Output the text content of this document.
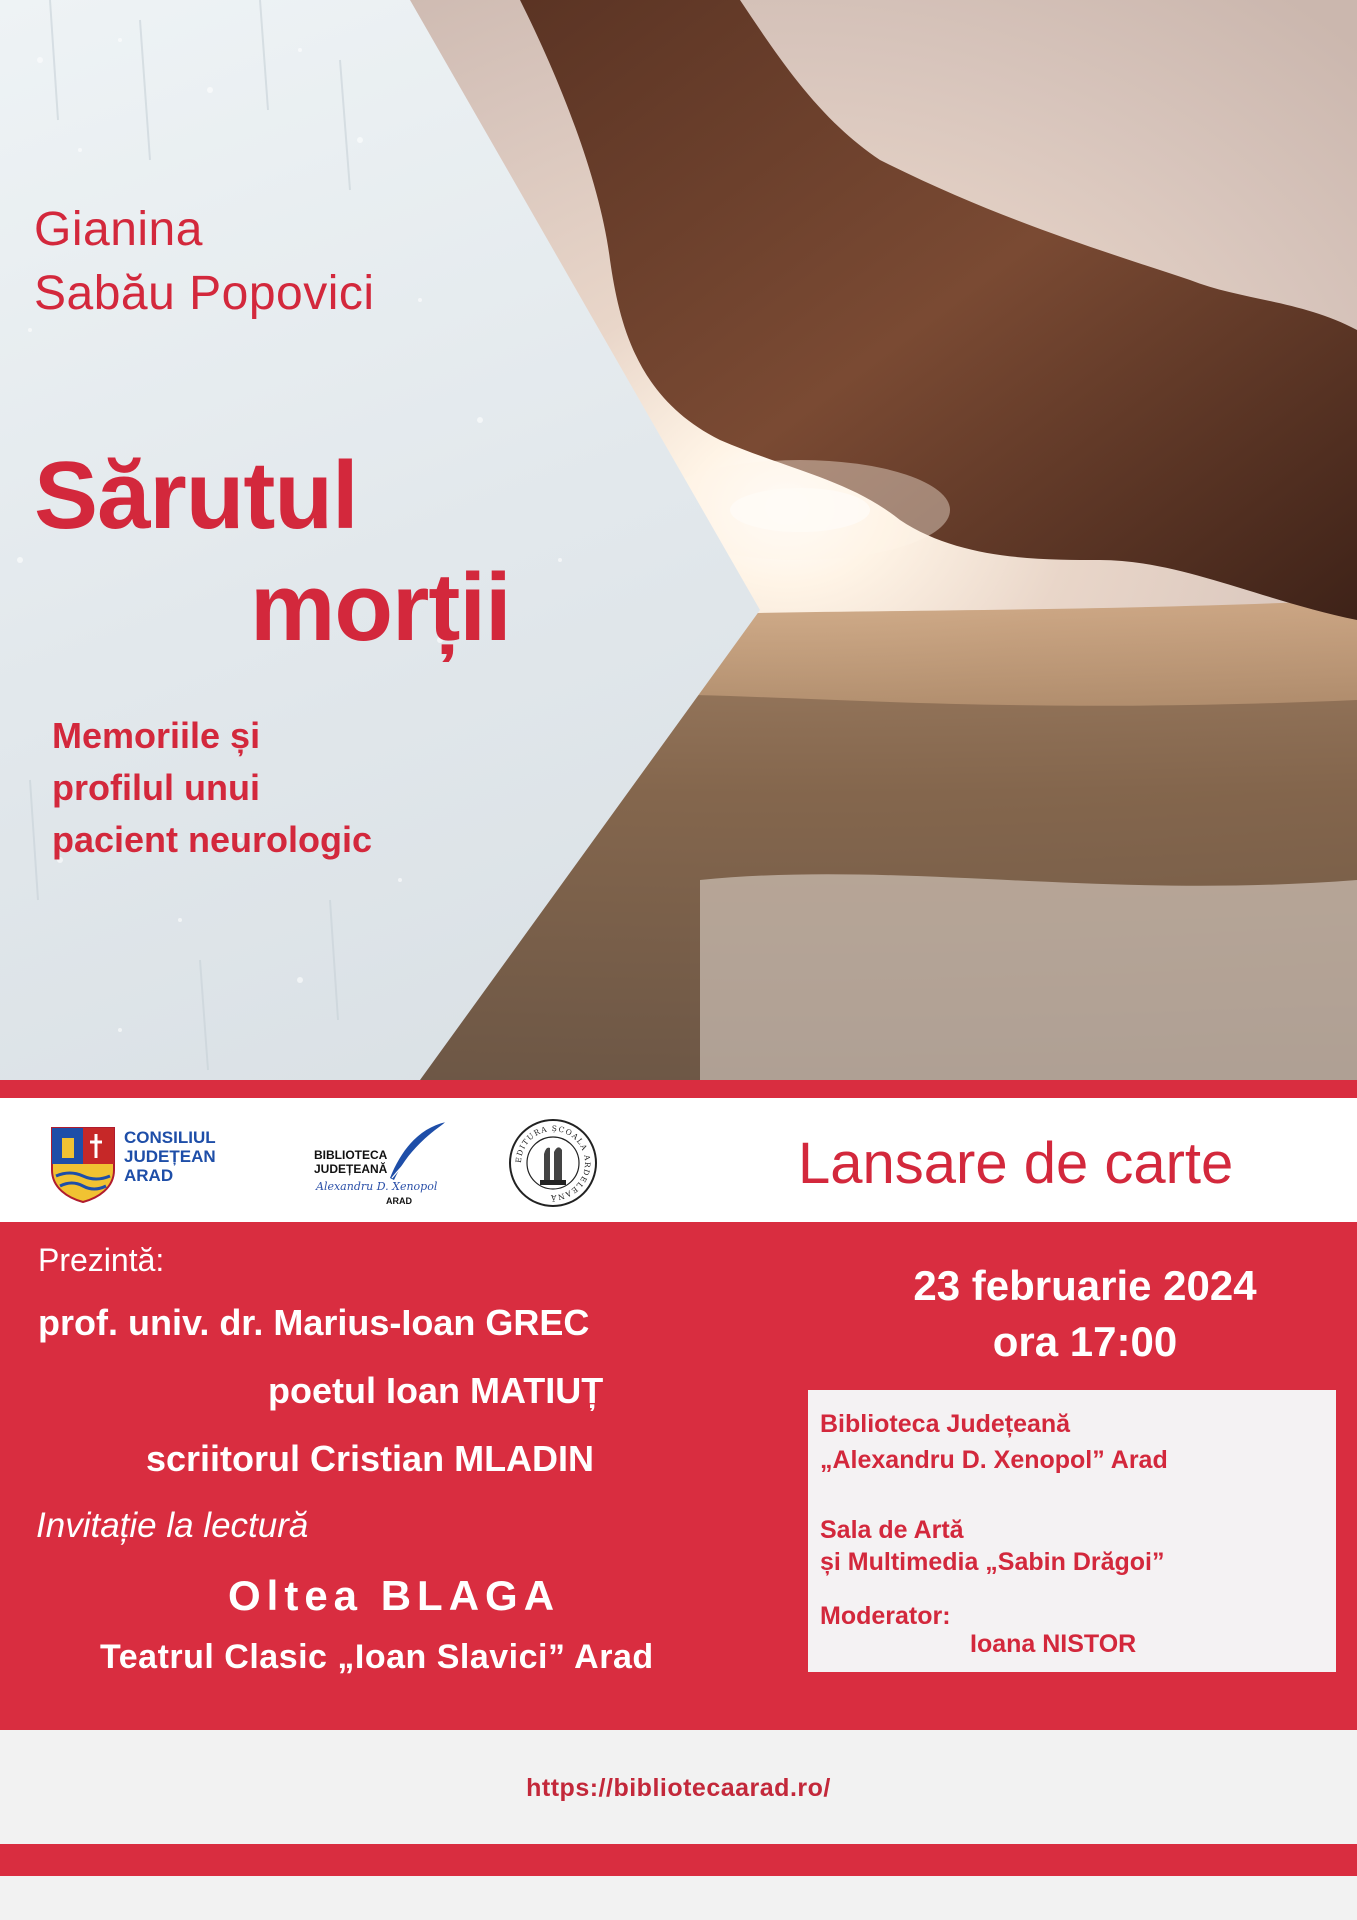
Gianina
Sabău Popovici
Sărutul
morții
Memoriile și
profilul unui
pacient neurologic
CONSILIUL
JUDEȚEAN
ARAD
BIBLIOTECA
JUDEȚEANĂ
Alexandru D. Xenopol
ARAD
EDITURA ȘCOALA ARDELEANĂ
Lansare de carte
Prezintă:
prof. univ. dr. Marius-Ioan GREC
poetul Ioan MATIUȚ
scriitorul Cristian MLADIN
Invitație la lectură
Oltea BLAGA
Teatrul Clasic „Ioan Slavici” Arad
23 februarie 2024
ora 17:00
Biblioteca Județeană
„Alexandru D. Xenopol” Arad
Sala de Artă
și Multimedia „Sabin Drăgoi”
Moderator:
Ioana NISTOR
https://bibliotecaarad.ro/
